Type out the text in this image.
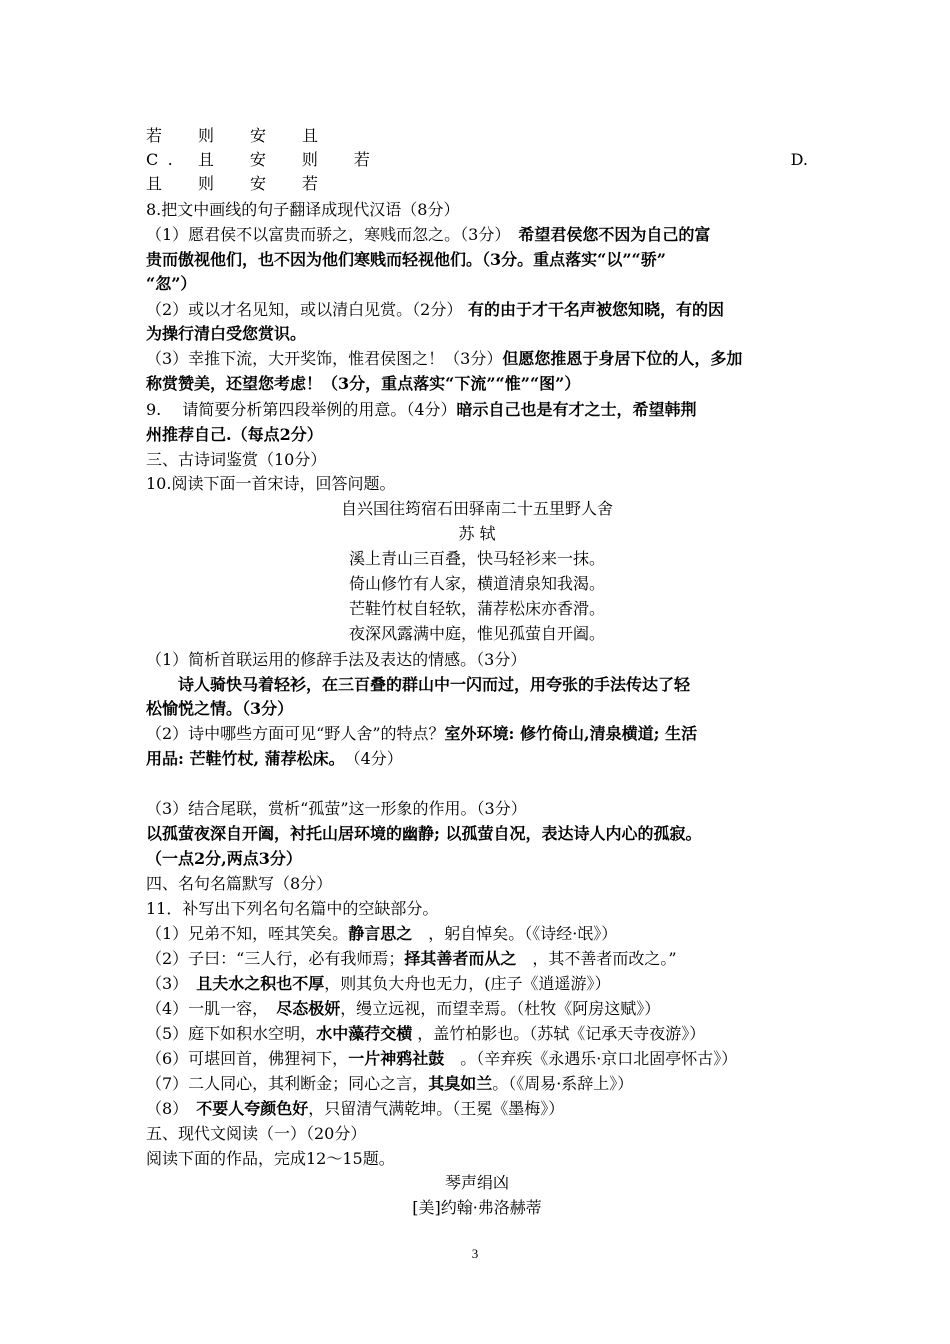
若　则　安　且
C. 且　安　则　若	D.
且　则　安　若
8.把文中画线的句子翻译成现代汉语（8分）
（1）愿君侯不以富贵而骄之，寒贱而忽之。（3分）　希望君侯您不因为自己的富
贵而傲视他们，也不因为他们寒贱而轻视他们。（3分。重点落实“以”“骄”
“忽”）
（2）或以才名见知，或以清白见赏。（2分） 有的由于才干名声被您知晓，有的因
为操行清白受您赏识。
（3）幸推下流，大开奖饰，惟君侯图之！（3分）但愿您推恩于身居下位的人，多加
称赏赞美，还望您考虑！（3分，重点落实“下流”“惟”“图”）
9.　 请简要分析第四段举例的用意。（4分）暗示自己也是有才之士，希望韩荆
州推荐自己.（每点2分）
三、古诗词鉴赏（10分）
10.阅读下面一首宋诗，回答问题。
自兴国往筠宿石田驿南二十五里野人舍
苏 轼
溪上青山三百叠，快马轻衫来一抹。
倚山修竹有人家，横道清泉知我渴。
芒鞋竹杖自轻软，蒲荐松床亦香滑。
夜深风露满中庭，惟见孤萤自开阖。
（1）简析首联运用的修辞手法及表达的情感。（3分）
　　诗人骑快马着轻衫，在三百叠的群山中一闪而过，用夸张的手法传达了轻
松愉悦之情。（3分）
（2）诗中哪些方面可见“野人舍”的特点？室外环境: 修竹倚山,清泉横道; 生活
用品: 芒鞋竹杖, 蒲荐松床。　（4分）
（3）结合尾联，赏析“孤萤”这一形象的作用。（3分）
以孤萤夜深自开阖，衬托山居环境的幽静; 以孤萤自况，表达诗人内心的孤寂。
（一点2分,两点3分）
四、名句名篇默写（8分）
11．补写出下列名句名篇中的空缺部分。
（1）兄弟不知，咥其笑矣。静言思之　，躬自悼矣。（《诗经·氓》）
（2）子曰：“三人行，必有我师焉；择其善者而从之　，其不善者而改之。”
（3）　且夫水之积也不厚，则其负大舟也无力，(庄子《逍遥游》）
（4）一肌一容，　尽态极妍，缦立远视，而望幸焉。（杜牧《阿房这赋》）
（5）庭下如积水空明，水中藻荇交横 ，盖竹柏影也。（苏轼《记承天寺夜游》）
（6）可堪回首，佛狸祠下，一片神鸦社鼓　。（辛弃疾《永遇乐·京口北固亭怀古》）
（7）二人同心，其利断金；同心之言，其臭如兰。（《周易·系辞上》）
（8）　不要人夸颜色好，只留清气满乾坤。（王冕《墨梅》）
五、现代文阅读（一）（20分）
阅读下面的作品，完成12～15题。
琴声绢凶
[美]约翰·弗洛赫蒂
3
